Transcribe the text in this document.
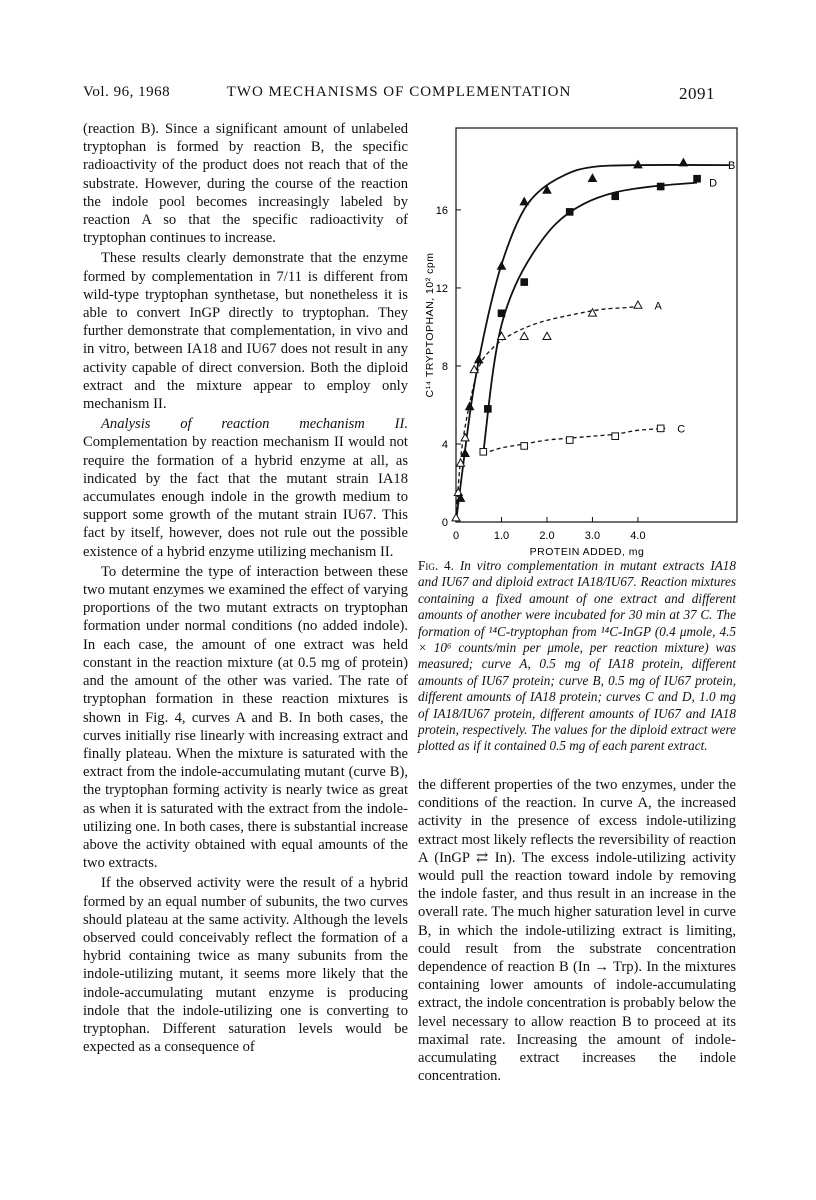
Vol. 96, 1968	TWO MECHANISMS OF COMPLEMENTATION	2091

(reaction B). Since a significant amount of unlabeled tryptophan is formed by reaction B, the specific radioactivity of the product does not reach that of the substrate. However, during the course of the reaction the indole pool becomes increasingly labeled by reaction A so that the specific radioactivity of tryptophan continues to increase.

These results clearly demonstrate that the enzyme formed by complementation in 7/11 is different from wild-type tryptophan synthetase, but nonetheless it is able to convert InGP directly to tryptophan. They further demonstrate that complementation, in vivo and in vitro, between IA18 and IU67 does not result in any activity capable of direct conversion. Both the diploid extract and the mixture appear to employ only mechanism II.

Analysis of reaction mechanism II. Complementation by reaction mechanism II would not require the formation of a hybrid enzyme at all, as indicated by the fact that the mutant strain IA18 accumulates enough indole in the growth medium to support some growth of the mutant strain IU67. This fact by itself, however, does not rule out the possible existence of a hybrid enzyme utilizing mechanism II.

To determine the type of interaction between these two mutant enzymes we examined the effect of varying proportions of the two mutant extracts on tryptophan formation under normal conditions (no added indole). In each case, the amount of one extract was held constant in the reaction mixture (at 0.5 mg of protein) and the amount of the other was varied. The rate of tryptophan formation in these reaction mixtures is shown in Fig. 4, curves A and B. In both cases, the curves initially rise linearly with increasing extract and finally plateau. When the mixture is saturated with the extract from the indole-accumulating mutant (curve B), the tryptophan forming activity is nearly twice as great as when it is saturated with the extract from the indole-utilizing one. In both cases, there is substantial increase above the activity obtained with equal amounts of the two extracts.

If the observed activity were the result of a hybrid formed by an equal number of subunits, the two curves should plateau at the same activity. Although the levels observed could conceivably reflect the formation of a hybrid containing twice as many subunits from the indole-utilizing mutant, it seems more likely that the indole-accumulating mutant enzyme is producing indole that the indole-utilizing one is converting to tryptophan. Different saturation levels would be expected as a consequence of

0	1.0	2.0	3.0	4.0
0
4
8
12
16
PROTEIN ADDED, mg
C¹⁴ TRYPTOPHAN, 10² cpm	A
B
C
D
Fig. 4. In vitro complementation in mutant extracts IA18 and IU67 and diploid extract IA18/IU67. Reaction mixtures containing a fixed amount of one extract and different amounts of another were incubated for 30 min at 37 C. The formation of ¹⁴C-tryptophan from ¹⁴C-InGP (0.4 μmole, 4.5 × 10⁶ counts/min per μmole, per reaction mixture) was measured; curve A, 0.5 mg of IA18 protein, different amounts of IU67 protein; curve B, 0.5 mg of IU67 protein, different amounts of IA18 protein; curves C and D, 1.0 mg of IA18/IU67 protein, different amounts of IU67 and IA18 protein, respectively. The values for the diploid extract were plotted as if it contained 0.5 mg of each parent extract.

the different properties of the two enzymes, under the conditions of the reaction. In curve A, the increased activity in the presence of excess indole-utilizing extract most likely reflects the reversibility of reaction A (InGP ⇄ In). The excess indole-utilizing activity would pull the reaction toward indole by removing the indole faster, and thus result in an increase in the overall rate. The much higher saturation level in curve B, in which the indole-utilizing extract is limiting, could result from the substrate concentration dependence of reaction B (In → Trp). In the mixtures containing lower amounts of indole-accumulating extract, the indole concentration is probably below the level necessary to allow reaction B to proceed at its maximal rate. Increasing the amount of indole-accumulating extract increases the indole concentration.
